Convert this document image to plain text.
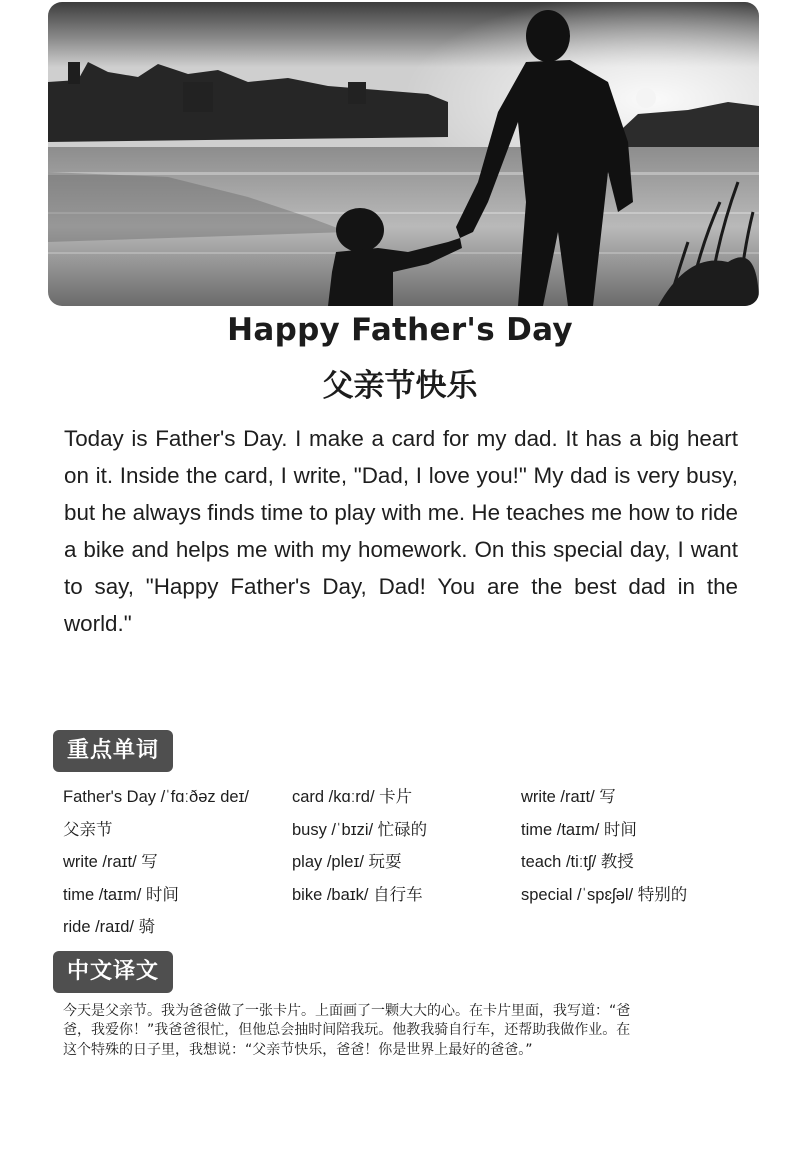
Happy Father's Day
父亲节快乐

Today is Father's Day. I make a card for my dad. It has a big heart on it. Inside the card, I write, "Dad, I love you!" My dad is very busy, but he always finds time to play with me. He teaches me how to ride a bike and helps me with my homework. On this special day, I want to say, "Happy Father's Day, Dad! You are the best dad in the world."

重点单词
Father's Day /ˈfɑːðəz deɪ/	card /kɑːrd/ 卡片	write /raɪt/ 写
父亲节	busy /ˈbɪzi/ 忙碌的	time /taɪm/ 时间
write /raɪt/ 写	play /pleɪ/ 玩耍	teach /tiːtʃ/ 教授
time /taɪm/ 时间	bike /baɪk/ 自行车	special /ˈspɛʃəl/ 特别的
ride /raɪd/ 骑
中文译文

今天是父亲节。我为爸爸做了一张卡片。上面画了一颗大大的心。在卡片里面，我写道：“爸爸，我爱你！”我爸爸很忙，但他总会抽时间陪我玩。他教我骑自行车，还帮助我做作业。在这个特殊的日子里，我想说：“父亲节快乐，爸爸！你是世界上最好的爸爸。”
